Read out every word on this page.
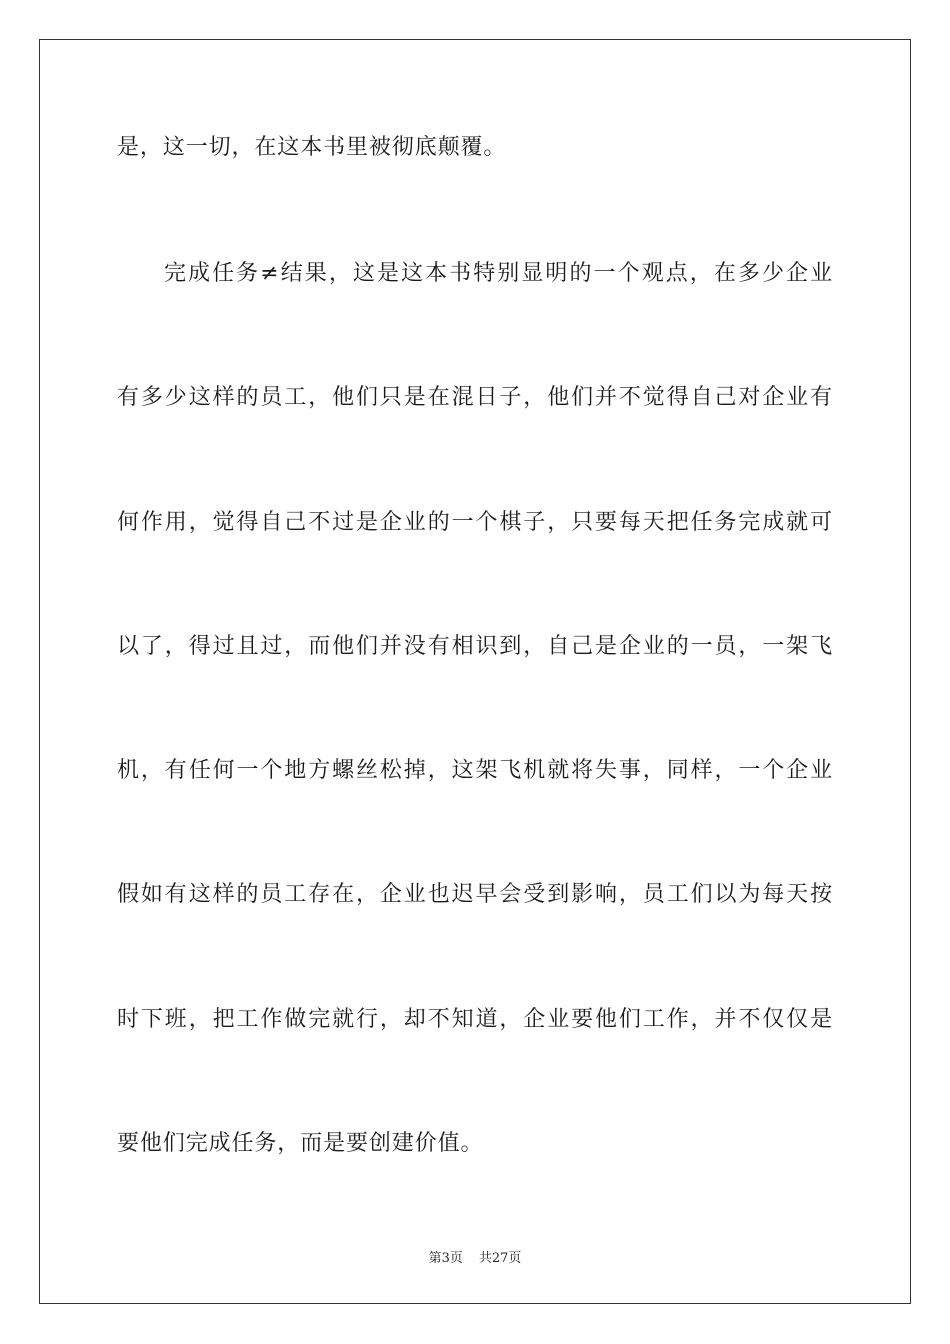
是，这一切，在这本书里被彻底颠覆。
完成任务≠结果，这是这本书特别显明的一个观点，在多少企业
有多少这样的员工，他们只是在混日子，他们并不觉得自己对企业有
何作用，觉得自己不过是企业的一个棋子，只要每天把任务完成就可
以了，得过且过，而他们并没有相识到，自己是企业的一员，一架飞
机，有任何一个地方螺丝松掉，这架飞机就将失事，同样，一个企业
假如有这样的员工存在，企业也迟早会受到影响，员工们以为每天按
时下班，把工作做完就行，却不知道，企业要他们工作，并不仅仅是
要他们完成任务，而是要创建价值。
第3页 共27页
